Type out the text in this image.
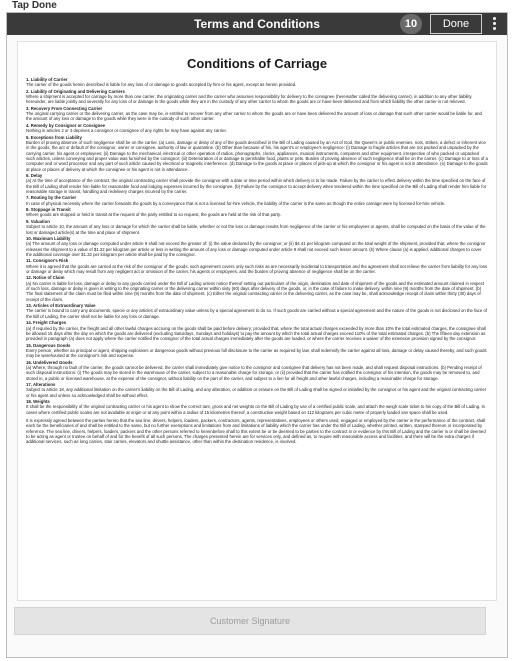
Tap Done
Terms and Conditions	10	Done
Conditions of Carriage
1. Liability of Carrier
The carrier of the goods herein described is liable for any loss of or damage to goods accepted by him or his agent, except as herein provided.
2. Liability of Originating and Delivering Carriers
Where a shipment is accepted for carriage by more than one carrier, the originating carrier and the carrier who assumes responsibility for delivery to the consignee (hereinafter called the delivering carrier), in addition to any other liability hereunder, are liable jointly and severally for any loss of or damage to the goods while they are in the custody of any other carrier to whom the goods are or have been delivered and from which liability the other carrier is not relieved.
3. Recovery From Connecting Carrier
The original carrying carrier or the delivering carrier, as the case may be, is entitled to recover from any other carrier to whom the goods are or have been delivered the amount of loss or damage that such other carrier would be liable for, and the amount of any loss or damage to the goods while they were in the custody of such other carrier.
4. Remedy by Consignor or Consignee
Nothing in articles 2 or 3 deprives a consignor or consignee of any rights he may have against any carrier.
5. Exceptions from Liability
Burden of proving absence of such negligence shall be on the carrier. (a) Loss, damage or delay of any of the goods described in the Bill of Lading caused by an Act of God, the Queen's or public enemies, riots, strikes, a defect or inherent vice in the goods, the act or default of the consignor, owner or consignee, authority of law or quarantine. (b) Other than because of his, his agent's or employee's negligence: (i) Damage to fragile articles that are not packed and unpacked by the carrying carrier, his agent or employees; (ii) Damage to the mechanical, electrical or other operation of radios, phonographs, clocks, appliances, musical instruments, computers and other equipment, irrespective of who packed or unpacked such articles, unless conveying and proper value was furnished by the consignor; (iii) Deterioration of or damage to perishable food, plants or pets. Burden of proving absence of such negligence shall be on the carrier. (c) Damage to or loss of a computer and or word processor and any part of such article caused by electrical or magnetic interference. (d) Damage to the goods at place or places of pick-up at which the consignor or his agent is not in attendance. (e) Damage to the goods at place or places of delivery at which the consignee or his agent is not in attendance.
6. Delay
(a) At the time of acceptance of the contract, the original contracting carrier shall provide the consignor with a date or time period within which delivery is to be made. Failure by the carrier to effect delivery within the time specified on the face of the Bill of Lading shall render him liable for reasonable food and lodging expenses incurred by the consignee. (b) Failure by the consignor to accept delivery when tendered within the time specified on the Bill of Lading shall render him liable for reasonable storage in transit, handling and redelivery charges incurred by the carrier.
7. Routing by the Carrier
In case of physical necessity where the carrier forwards the goods by a conveyance that is not a licensed for-hire vehicle, the liability of the carrier is the same as though the entire carriage were by licensed for-hire vehicle.
8. Stoppage in Transit
Where goods are stopped or held in transit at the request of the party entitled to so request, the goods are held at the risk of that party.
9. Valuation
Subject to article 10, the amount of any loss or damage for which the carrier shall be liable, whether or not the loss or damage results from negligence of the carrier or his employees or agents, shall be computed on the basis of the value of the lost or damaged article(s) at the time and place of shipment.
10. Maximum Liability
(a) The amount of any loss or damage computed under article 9 shall not exceed the greater of: (i) the value declared by the consignor; or (ii) $4.41 per kilogram computed on the total weight of the shipment, provided that, where the consignor releases the shipment to a value of $1.32 per kilogram per article or less in writing the amount of any loss or damage computed under article 9 shall not exceed such lesser amount. (b) Where clause (a) is applied, additional charges to cover the additional coverage over $1.32 per kilogram per article shall be paid by the consignor.
11. Consignor's Risk
Where it is agreed that the goods are carried at the risk of the consignor of the goods, such agreement covers only such risks as are necessarily incidental to transportation and the agreement shall not relieve the carrier from liability for any loss or damage or delay which may result from any negligent act or omission of the carrier, his agents or employees, and the burden of proving absence of negligence shall be on the carrier.
12. Notice of Claim
(a) No carrier is liable for loss, damage or delay to any goods carried under the Bill of Lading unless notice thereof setting out particulars of the origin, destination and date of shipment of the goods and the estimated amount claimed in respect of such loss, damage or delay is given in writing to the originating carrier or the delivering carrier within sixty (60) days after delivery of the goods, or, in the case of failure to make delivery, within nine (9) months from the date of shipment. (b) The final statement of the claim must be filed within nine (9) months from the date of shipment. (c) Either the original contracting carrier or the delivering carrier, as the case may be, shall acknowledge receipt of claim within thirty (30) days of receipt of the claim.
13. Articles of Extraordinary Value
The carrier is bound to carry any documents, specie or any articles of extraordinary value unless by a special agreement to do so. If such goods are carried without a special agreement and the nature of the goods is not disclosed on the face of the Bill of Lading, the carrier shall not be liable for any loss or damage.
14. Freight Charges
(a) If required by the carrier, the freight and all other lawful charges accruing on the goods shall be paid before delivery; provided that, where the total actual charges exceeded by more than 10% the total estimated charges, the consignee shall be allowed 15 days after the day on which the goods are delivered (excluding Saturdays, Sundays and holidays) to pay the amount by which the total actual charges exceed 110% of the total estimated charges. (b) The fifteen day extension as provided in paragraph (a) does not apply where the carrier notified the consignor of the total actual charges immediately after the goods are loaded, or where the carrier receives a waiver of the extension provision signed by the consignor.
15. Dangerous Goods
Every person, whether as principal or agent, shipping explosives or dangerous goods without previous full disclosure to the carrier as required by law, shall indemnify the carrier against all loss, damage or delay caused thereby, and such goods may be warehoused at the consignor's risk and expense.
16. Undelivered Goods
(a) Where, through no fault of the carrier, the goods cannot be delivered, the carrier shall immediately give notice to the consignor and consignee that delivery has not been made, and shall request disposal instructions. (b) Pending receipt of such disposal instructions: (i) The goods may be stored in the warehouse of the carrier, subject to a reasonable charge for storage, or (ii) provided that the carrier has notified the consignor of his intention, the goods may be removed to, and stored in, a public or licensed warehouse, at the expense of the consignor, without liability on the part of the carrier, and subject to a lien for all freight and other lawful charges, including a reasonable charge for storage.
17. Alterations
Subject to article 18, any additional limitation on the carrier's liability on the Bill of Lading, and any alteration, or addition or erasure on the Bill of Lading shall be signed or initialled by the consignor or his agent and the original contracting carrier or his agent and unless so acknowledged shall be without effect.
18. Weights
It shall be the responsibility of the original contracting carrier or his agent to show the correct tare, gross and net weights on the Bill of Lading by use of a certified public scale, and attach the weigh scale ticket to his copy of the Bill of Lading. In cases where certified public scales are not available at origin or at any point within a radius of 15 kilometres thereof, a constructive weight based on 112 kilograms per cubic metre of properly loaded van space shall be used.
It is expressly agreed between the parties hereto that the sea line, drivers, helpers, loaders, packers, contractors, agents, representatives, employees or others used, engaged or employed by the carrier in the performance of the contract, shall each be the beneficiaries of and shall be entitled to the same, but no further exemptions and limitations from and limitations of liability which the carrier has under the Bill of Lading, whether printed, written, stamped thereon or incorporated by reference. The sea line, drivers, helpers, loaders, packers and the other persons referred to hereinbefore shall to this extent be or be deemed to be parties to the contract in or evidence by this Bill of Lading and the carrier is or shall be deemed to be acting as agent or trustee on behalf of and for the benefit of all such persons. The charges presented herein are for services only, and defined as, to require with reasonable access and facilities, and there will be the extra charges if additional services, such as long carries, stair carries, elevators and shuttle assistance, other than within the destination residence, is involved.
Customer Signature
